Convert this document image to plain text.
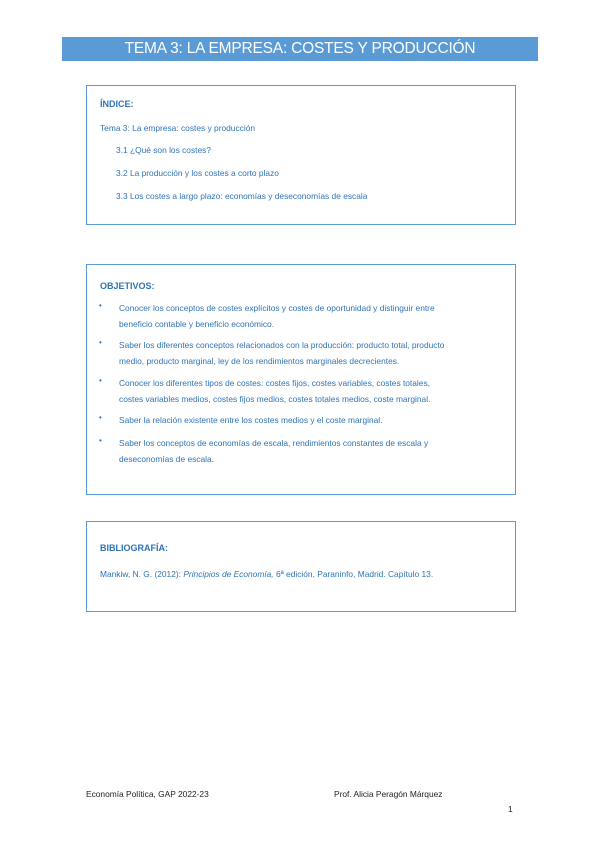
TEMA 3: LA EMPRESA: COSTES Y PRODUCCIÓN
ÍNDICE:
Tema 3: La empresa: costes y producción
3.1 ¿Qué son los costes?
3.2 La producción y los costes a corto plazo
3.3 Los costes a largo plazo: economías y deseconomías de escala
OBJETIVOS:
• Conocer los conceptos de costes explícitos y costes de oportunidad y distinguir entre
beneficio contable y beneficio económico.
• Saber los diferentes conceptos relacionados con la producción: producto total, producto
medio, producto marginal, ley de los rendimientos marginales decrecientes.
• Conocer los diferentes tipos de costes: costes fijos, costes variables, costes totales,
costes variables medios, costes fijos medios, costes totales medios, coste marginal.
• Saber la relación existente entre los costes medios y el coste marginal.
• Saber los conceptos de economías de escala, rendimientos constantes de escala y
deseconomías de escala.
BIBLIOGRAFÍA:
Mankiw, N. G. (2012): Principios de Economía, 6ª edición, Paraninfo, Madrid. Capítulo 13.
Economía Política, GAP 2022-23	Prof. Alicia Peragón Márquez
1
